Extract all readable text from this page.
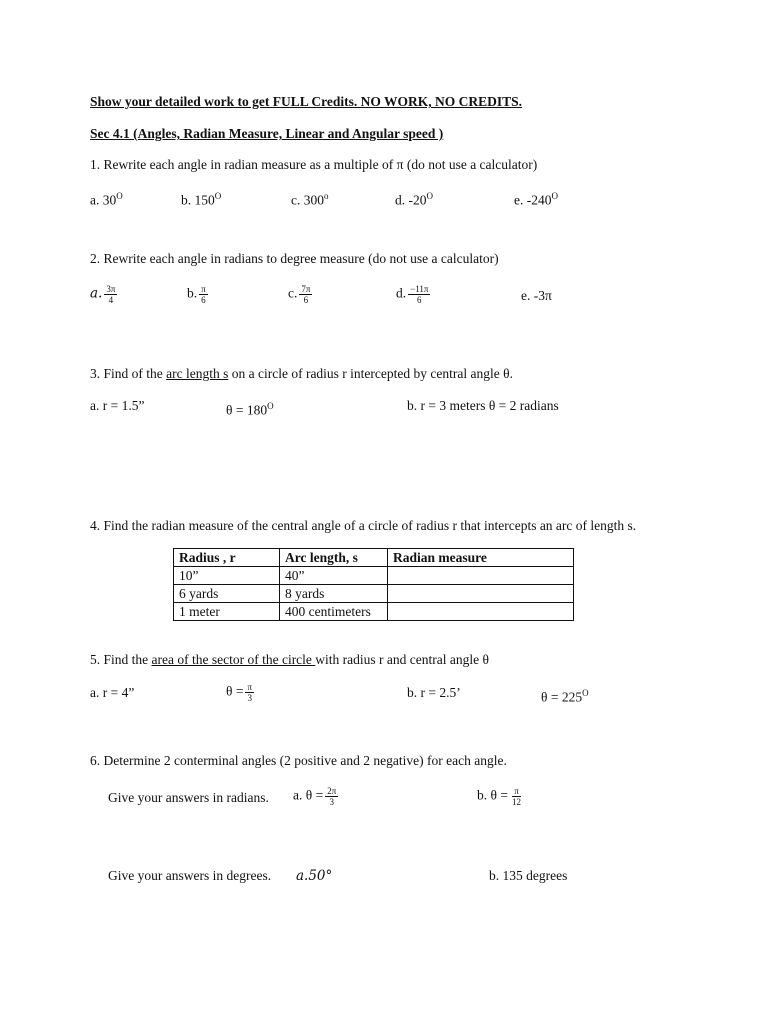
Show your detailed work to get FULL Credits. NO WORK, NO CREDITS.
Sec 4.1 (Angles, Radian Measure, Linear and Angular speed )
1. Rewrite each angle in radian measure as a multiple of π (do not use a calculator)
a. $30^O$	b. $150^O$	c. 300$^o$	d. $-20^O$	e. $-240^O$
2. Rewrite each angle in radians to degree measure (do not use a calculator)
a. $\frac{3\pi}{4}$	b. $\frac{\pi}{6}$	c. $\frac{7\pi}{6}$	d. $\frac{-11\pi}{6}$	e. -3π
3. Find of the arc length s on a circle of radius r intercepted by central angle θ.
a. r = 1.5”	$\theta = 180^O$	b. r = 3 meters θ = 2 radians
4. Find the radian measure of the central angle of a circle of radius r that intercepts an arc of length s.
Radius , r	Arc length, s	Radian measure
10”	40”	
6 yards	8 yards	
1 meter	400 centimeters	
5. Find the area of the sector of the circle with radius r and central angle θ
a. r = 4”	$\theta = \frac{\pi}{3}$	b. r = 2.5’	$\theta = 225^O$
6. Determine 2 conterminal angles (2 positive and 2 negative) for each angle.
Give your answers in radians. a. $\theta = \frac{2\pi}{3}$	b. $\theta = \frac{\pi}{12}$
Give your answers in degrees. a.50°	b. 135 degrees
